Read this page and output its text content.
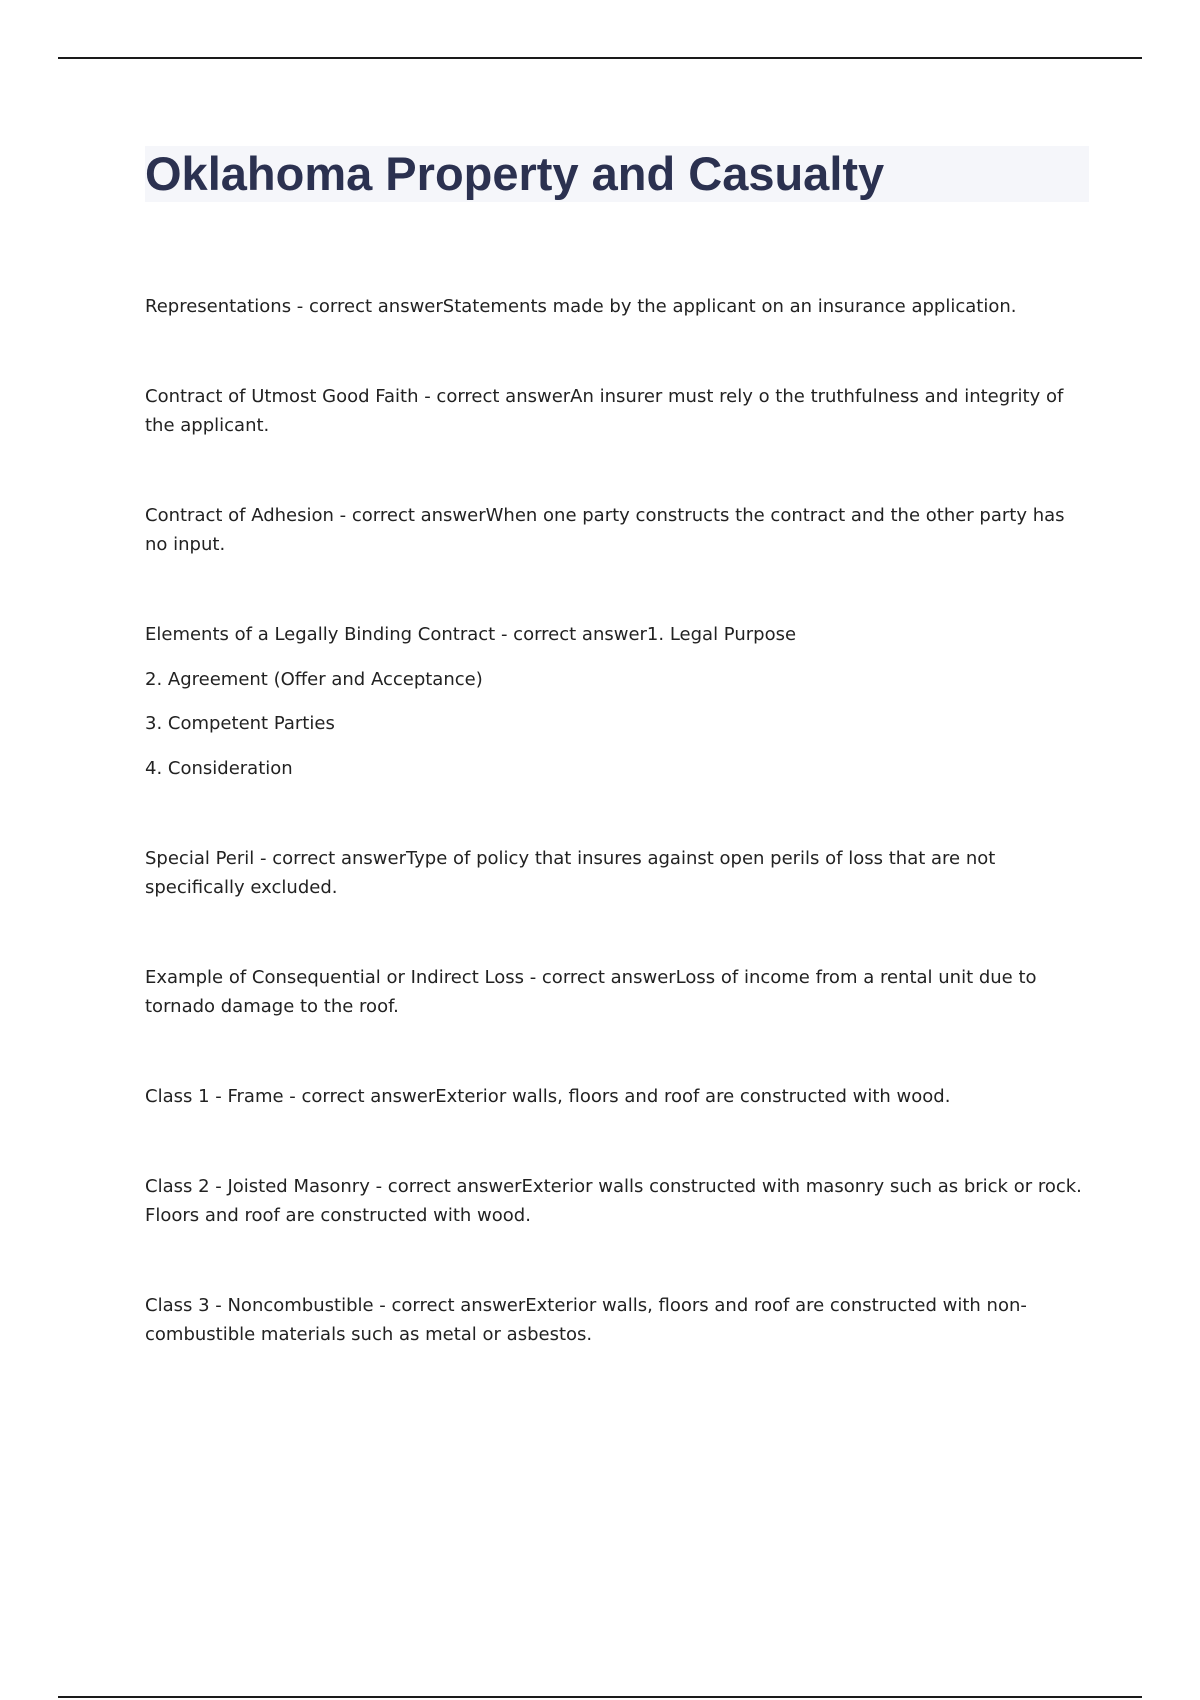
Oklahoma Property and Casualty

Representations - correct answerStatements made by the applicant on an insurance application.

Contract of Utmost Good Faith - correct answerAn insurer must rely o the truthfulness and integrity of the applicant.

Contract of Adhesion - correct answerWhen one party constructs the contract and the other party has no input.

Elements of a Legally Binding Contract - correct answer1. Legal Purpose

2. Agreement (Offer and Acceptance)

3. Competent Parties

4. Consideration

Special Peril - correct answerType of policy that insures against open perils of loss that are not specifically excluded.

Example of Consequential or Indirect Loss - correct answerLoss of income from a rental unit due to tornado damage to the roof.

Class 1 - Frame - correct answerExterior walls, floors and roof are constructed with wood.

Class 2 - Joisted Masonry - correct answerExterior walls constructed with masonry such as brick or rock. Floors and roof are constructed with wood.

Class 3 - Noncombustible - correct answerExterior walls, floors and roof are constructed with non-combustible materials such as metal or asbestos.
